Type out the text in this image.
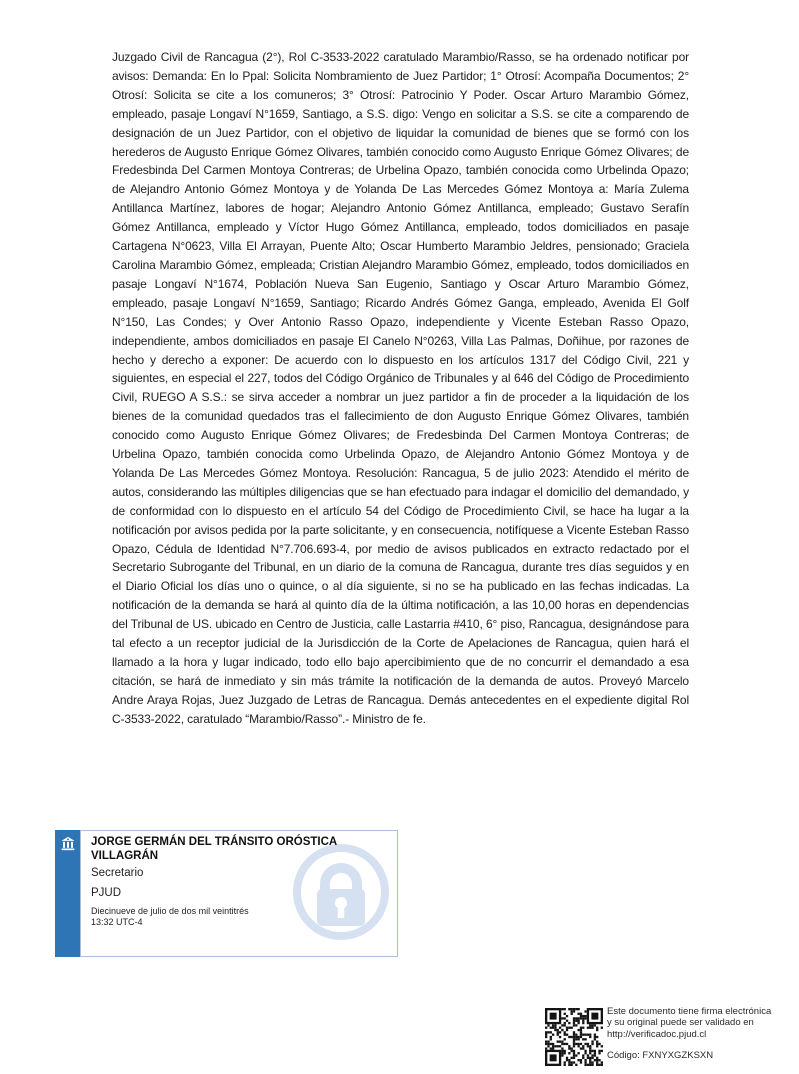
Juzgado Civil de Rancagua (2°), Rol C-3533-2022 caratulado Marambio/Rasso, se ha ordenado notificar por avisos: Demanda: En lo Ppal: Solicita Nombramiento de Juez Partidor; 1° Otrosí: Acompaña Documentos; 2° Otrosí: Solicita se cite a los comuneros; 3° Otrosí: Patrocinio Y Poder. Oscar Arturo Marambio Gómez, empleado, pasaje Longaví N°1659, Santiago, a S.S. digo: Vengo en solicitar a S.S. se cite a comparendo de designación de un Juez Partidor, con el objetivo de liquidar la comunidad de bienes que se formó con los herederos de Augusto Enrique Gómez Olivares, también conocido como Augusto Enrique Gómez Olivares; de Fredesbinda Del Carmen Montoya Contreras; de Urbelina Opazo, también conocida como Urbelinda Opazo; de Alejandro Antonio Gómez Montoya y de Yolanda De Las Mercedes Gómez Montoya a: María Zulema Antillanca Martínez, labores de hogar; Alejandro Antonio Gómez Antillanca, empleado; Gustavo Serafín Gómez Antillanca, empleado y Víctor Hugo Gómez Antillanca, empleado, todos domiciliados en pasaje Cartagena N°0623, Villa El Arrayan, Puente Alto; Oscar Humberto Marambio Jeldres, pensionado; Graciela Carolina Marambio Gómez, empleada; Cristian Alejandro Marambio Gómez, empleado, todos domiciliados en pasaje Longaví N°1674, Población Nueva San Eugenio, Santiago y Oscar Arturo Marambio Gómez, empleado, pasaje Longaví N°1659, Santiago; Ricardo Andrés Gómez Ganga, empleado, Avenida El Golf N°150, Las Condes; y Over Antonio Rasso Opazo, independiente y Vicente Esteban Rasso Opazo, independiente, ambos domiciliados en pasaje El Canelo N°0263, Villa Las Palmas, Doñihue, por razones de hecho y derecho a exponer: De acuerdo con lo dispuesto en los artículos 1317 del Código Civil, 221 y siguientes, en especial el 227, todos del Código Orgánico de Tribunales y al 646 del Código de Procedimiento Civil, RUEGO A S.S.: se sirva acceder a nombrar un juez partidor a fin de proceder a la liquidación de los bienes de la comunidad quedados tras el fallecimiento de don Augusto Enrique Gómez Olivares, también conocido como Augusto Enrique Gómez Olivares; de Fredesbinda Del Carmen Montoya Contreras; de Urbelina Opazo, también conocida como Urbelinda Opazo, de Alejandro Antonio Gómez Montoya y de Yolanda De Las Mercedes Gómez Montoya. Resolución: Rancagua, 5 de julio 2023: Atendido el mérito de autos, considerando las múltiples diligencias que se han efectuado para indagar el domicilio del demandado, y de conformidad con lo dispuesto en el artículo 54 del Código de Procedimiento Civil, se hace ha lugar a la notificación por avisos pedida por la parte solicitante, y en consecuencia, notifíquese a Vicente Esteban Rasso Opazo, Cédula de Identidad N°7.706.693-4, por medio de avisos publicados en extracto redactado por el Secretario Subrogante del Tribunal, en un diario de la comuna de Rancagua, durante tres días seguidos y en el Diario Oficial los días uno o quince, o al día siguiente, si no se ha publicado en las fechas indicadas. La notificación de la demanda se hará al quinto día de la última notificación, a las 10,00 horas en dependencias del Tribunal de US. ubicado en Centro de Justicia, calle Lastarria #410, 6° piso, Rancagua, designándose para tal efecto a un receptor judicial de la Jurisdicción de la Corte de Apelaciones de Rancagua, quien hará el llamado a la hora y lugar indicado, todo ello bajo apercibimiento que de no concurrir el demandado a esa citación, se hará de inmediato y sin más trámite la notificación de la demanda de autos. Proveyó Marcelo Andre Araya Rojas, Juez Juzgado de Letras de Rancagua. Demás antecedentes en el expediente digital Rol C-3533-2022, caratulado “Marambio/Rasso”.- Ministro de fe.
JORGE GERMÁN DEL TRÁNSITO ORÓSTICA VILLAGRÁN
Secretario
PJUD
Diecinueve de julio de dos mil veintitrés
13:32 UTC-4
Este documento tiene firma electrónica
y su original puede ser validado en
http://verificadoc.pjud.cl
Código: FXNYXGZKSXN
